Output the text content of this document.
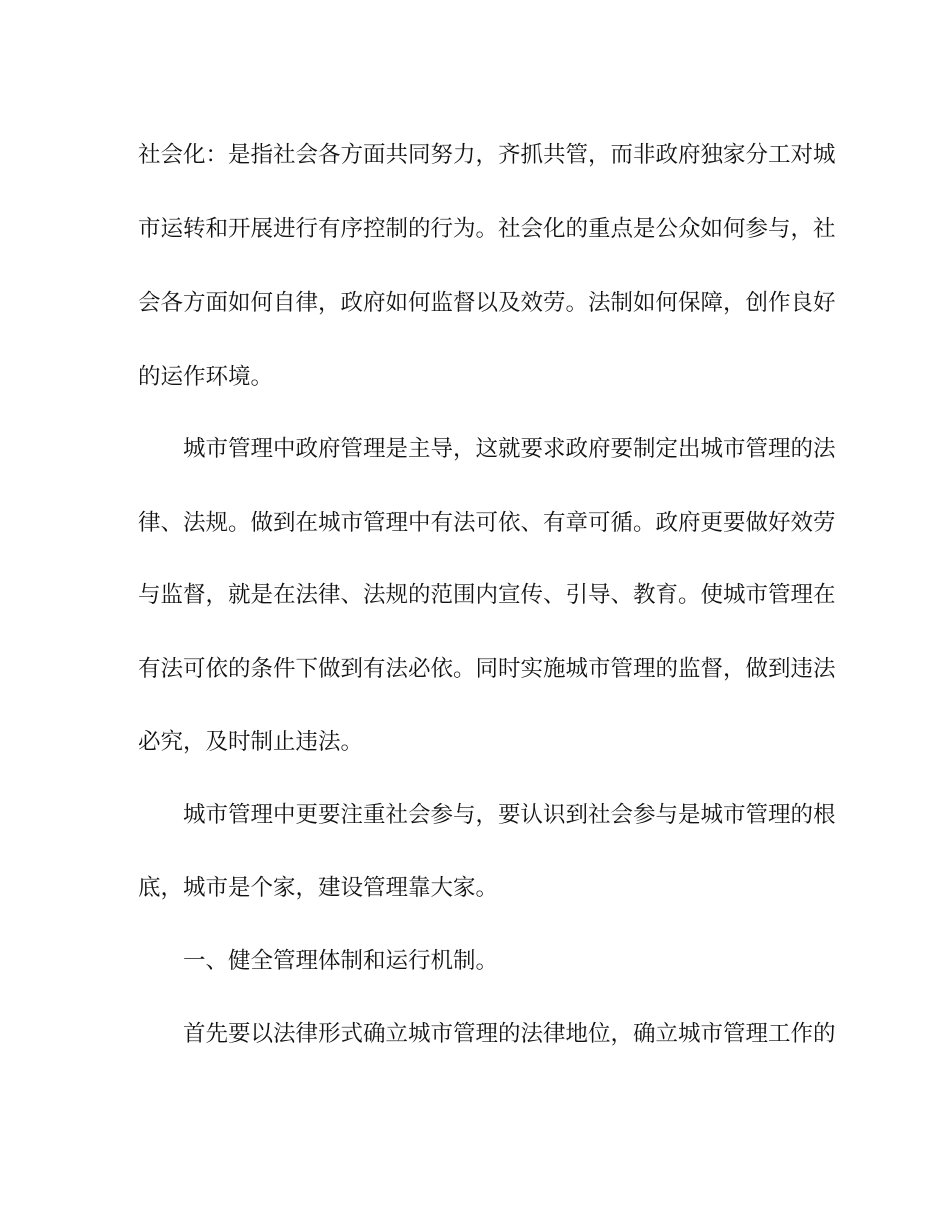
社会化：是指社会各方面共同努力，齐抓共管，而非政府独家分工对城

市运转和开展进行有序控制的行为。社会化的重点是公众如何参与，社

会各方面如何自律，政府如何监督以及效劳。法制如何保障，创作良好

的运作环境。

城市管理中政府管理是主导，这就要求政府要制定出城市管理的法

律、法规。做到在城市管理中有法可依、有章可循。政府更要做好效劳

与监督，就是在法律、法规的范围内宣传、引导、教育。使城市管理在

有法可依的条件下做到有法必依。同时实施城市管理的监督，做到违法

必究，及时制止违法。

城市管理中更要注重社会参与，要认识到社会参与是城市管理的根

底，城市是个家，建设管理靠大家。

一、健全管理体制和运行机制。

首先要以法律形式确立城市管理的法律地位，确立城市管理工作的
